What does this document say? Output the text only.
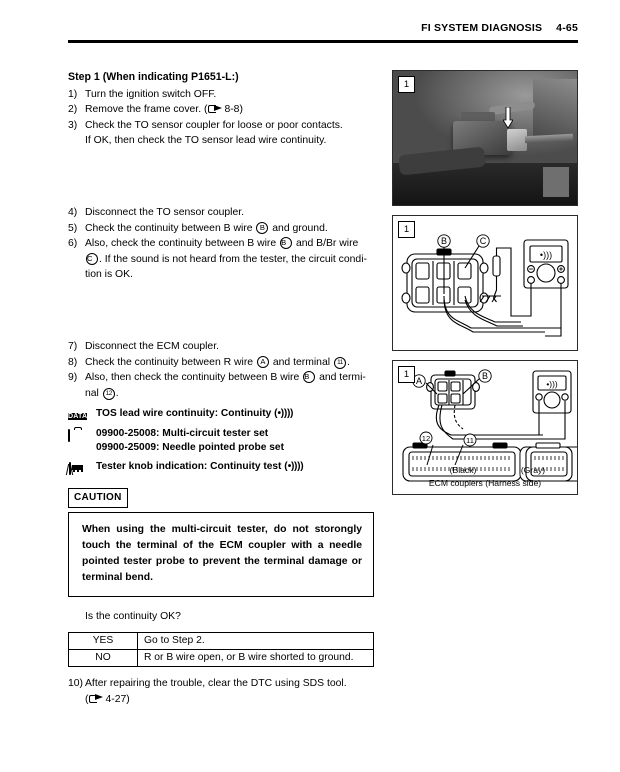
FI SYSTEM DIAGNOSIS 4-65
Step 1 (When indicating P1651-L:)
1) Turn the ignition switch OFF.
2) Remove the frame cover. ( 8-8)
3) Check the TO sensor coupler for loose or poor contacts.
If OK, then check the TO sensor lead wire continuity.
4) Disconnect the TO sensor coupler.
5) Check the continuity between B wire B and ground.
6) Also, check the continuity between B wire B and B/Br wire
C . If the sound is not heard from the tester, the circuit condi-
tion is OK.
7) Disconnect the ECM coupler.
8) Check the continuity between R wire A and terminal 11 .
9) Also, then check the continuity between B wire B and termi-
nal 12 .
DATA TOS lead wire continuity: Continuity (•))))
09900-25008: Multi-circuit tester set
09900-25009: Needle pointed probe set
Tester knob indication: Continuity test (•))))
CAUTION
When using the multi-circuit tester, do not storongly touch the terminal of the ECM coupler with a needle pointed tester probe to prevent the terminal damage or terminal bend.
Is the continuity OK?
YES	Go to Step 2.
NO	R or B wire open, or B wire shorted to ground.
10) After repairing the trouble, clear the DTC using SDS tool.
( 4-27)
1
•)))
B	C
1
•)))
A	B
12	11
(Black)	(Gray)
ECM couplers (Harness side)
1
